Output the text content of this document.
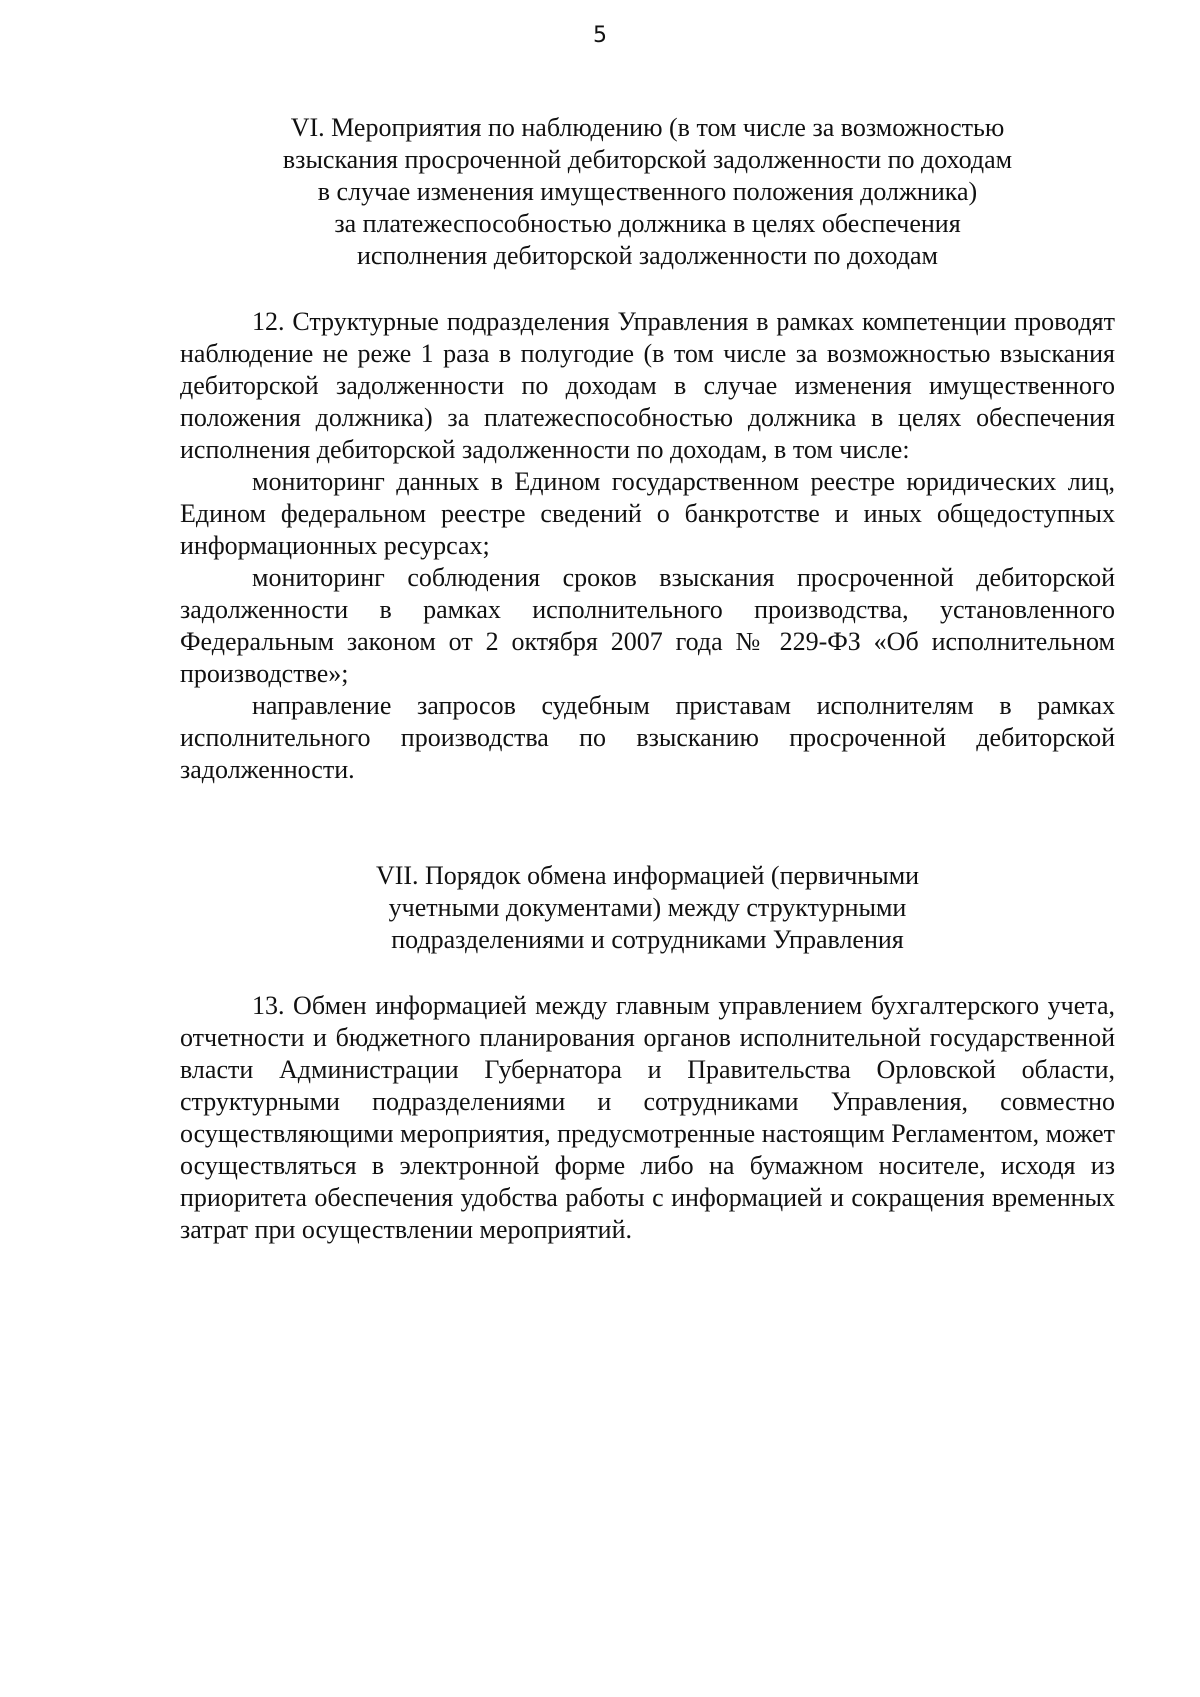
5
VI. Мероприятия по наблюдению (в том числе за возможностью
взыскания просроченной дебиторской задолженности по доходам
в случае изменения имущественного положения должника)
за платежеспособностью должника в целях обеспечения
исполнения дебиторской задолженности по доходам

12. Структурные подразделения Управления в рамках компетенции проводят наблюдение не реже 1 раза в полугодие (в том числе за возможностью взыскания дебиторской задолженности по доходам в случае изменения имущественного положения должника) за платежеспособностью должника в целях обеспечения исполнения дебиторской задолженности по доходам, в том числе:

мониторинг данных в Едином государственном реестре юридических лиц, Едином федеральном реестре сведений о банкротстве и иных общедоступных информационных ресурсах;

мониторинг соблюдения сроков взыскания просроченной дебиторской задолженности в рамках исполнительного производства, установленного Федеральным законом от 2 октября 2007 года № 229-ФЗ «Об исполнительном производстве»;

направление запросов судебным приставам исполнителям в рамках исполнительного производства по взысканию просроченной дебиторской задолженности.

VII. Порядок обмена информацией (первичными
учетными документами) между структурными
подразделениями и сотрудниками Управления

13. Обмен информацией между главным управлением бухгалтерского учета, отчетности и бюджетного планирования органов исполнительной государственной власти Администрации Губернатора и Правительства Орловской области, структурными подразделениями и сотрудниками Управления, совместно осуществляющими мероприятия, предусмотренные настоящим Регламентом, может осуществляться в электронной форме либо на бумажном носителе, исходя из приоритета обеспечения удобства работы с информацией и сокращения временных затрат при осуществлении мероприятий.
